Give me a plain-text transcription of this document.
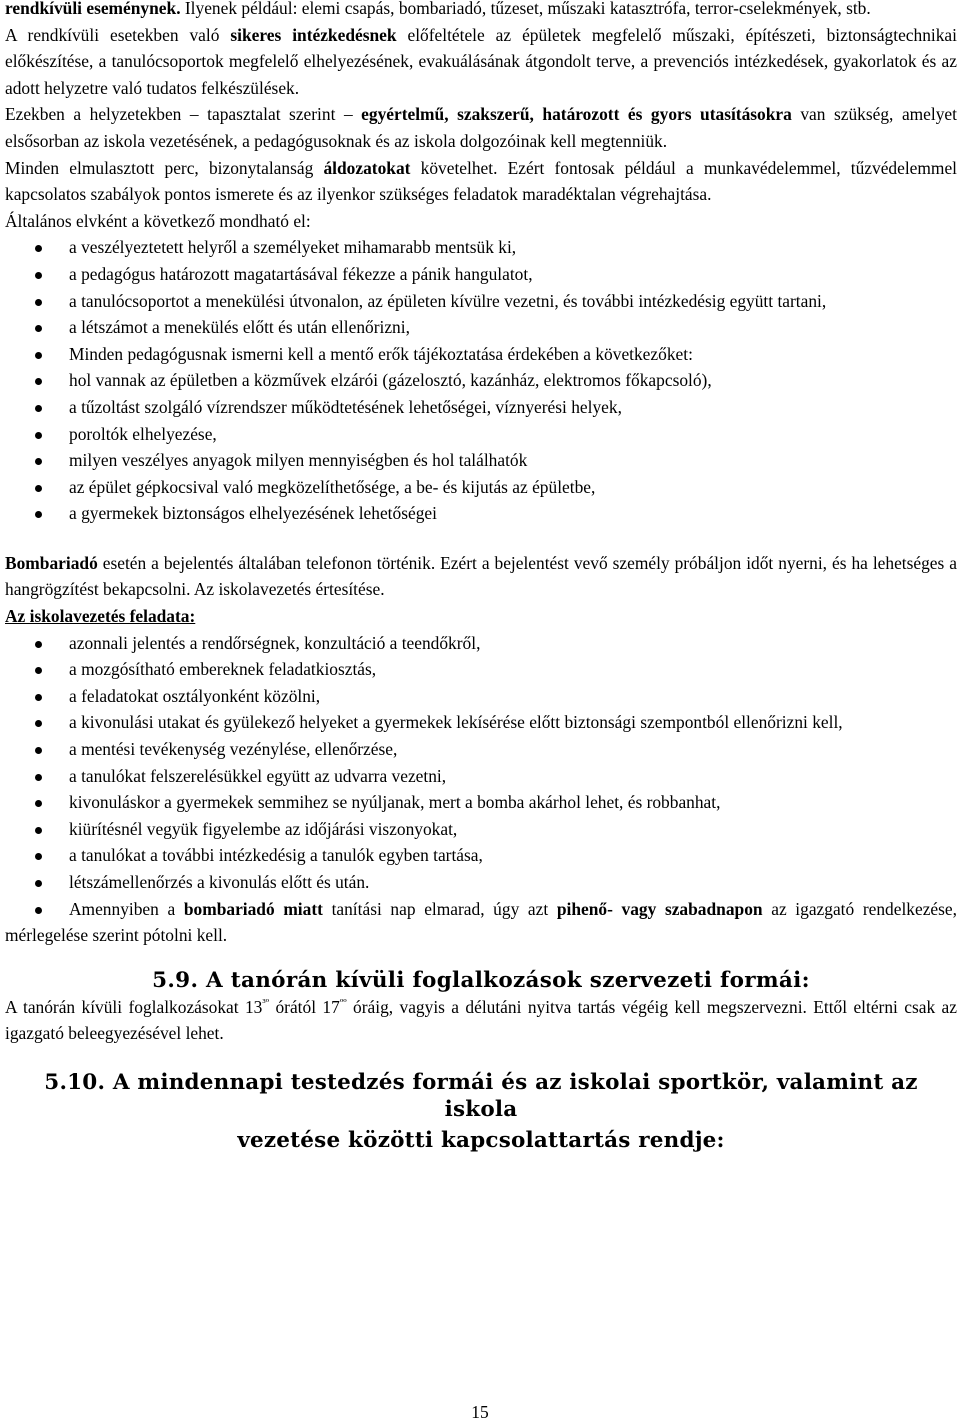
rendkívüli eseménynek. Ilyenek például: elemi csapás, bombariadó, tűzeset, műszaki katasztrófa, terror-cselekmények, stb.

A rendkívüli esetekben való sikeres intézkedésnek előfeltétele az épületek megfelelő műszaki, építészeti, biztonságtechnikai előkészítése, a tanulócsoportok megfelelő elhelyezésének, evakuálásának átgondolt terve, a prevenciós intézkedések, gyakorlatok és az adott helyzetre való tudatos felkészülések.

Ezekben a helyzetekben – tapasztalat szerint – egyértelmű, szakszerű, határozott és gyors utasításokra van szükség, amelyet elsősorban az iskola vezetésének, a pedagógusoknak és az iskola dolgozóinak kell megtenniük.

Minden elmulasztott perc, bizonytalanság áldozatokat követelhet. Ezért fontosak például a munkavédelemmel, tűzvédelemmel kapcsolatos szabályok pontos ismerete és az ilyenkor szükséges feladatok maradéktalan végrehajtása.

Általános elvként a következő mondható el:

a veszélyeztetett helyről a személyeket mihamarabb mentsük ki,
a pedagógus határozott magatartásával fékezze a pánik hangulatot,
a tanulócsoportot a menekülési útvonalon, az épületen kívülre vezetni, és további intézkedésig együtt tartani,
a létszámot a menekülés előtt és után ellenőrizni,
Minden pedagógusnak ismerni kell a mentő erők tájékoztatása érdekében a következőket:
hol vannak az épületben a közművek elzárói (gázelosztó, kazánház, elektromos főkapcsoló),
a tűzoltást szolgáló vízrendszer működtetésének lehetőségei, víznyerési helyek,
poroltók elhelyezése,
milyen veszélyes anyagok milyen mennyiségben és hol találhatók
az épület gépkocsival való megközelíthetősége, a be- és kijutás az épületbe,
a gyermekek biztonságos elhelyezésének lehetőségei

Bombariadó esetén a bejelentés általában telefonon történik. Ezért a bejelentést vevő személy próbáljon időt nyerni, és ha lehetséges a hangrögzítést bekapcsolni. Az iskolavezetés értesítése.

Az iskolavezetés feladata:

azonnali jelentés a rendőrségnek, konzultáció a teendőkről,
a mozgósítható embereknek feladatkiosztás,
a feladatokat osztályonként közölni,
a kivonulási utakat és gyülekező helyeket a gyermekek lekísérése előtt biztonsági szempontból ellenőrizni kell,
a mentési tevékenység vezénylése, ellenőrzése,
a tanulókat felszerelésükkel együtt az udvarra vezetni,
kivonuláskor a gyermekek semmihez se nyúljanak, mert a bomba akárhol lehet, és robbanhat,
kiürítésnél vegyük figyelembe az időjárási viszonyokat,
a tanulókat a további intézkedésig a tanulók egyben tartása,
létszámellenőrzés a kivonulás előtt és után.
Amennyiben a bombariadó miatt tanítási nap elmarad, úgy azt pihenő- vagy szabadnapon az igazgató rendelkezése, mérlegelése szerint pótolni kell.
5.9. A tanórán kívüli foglalkozások szervezeti formái:

A tanórán kívüli foglalkozásokat $13^{^3º}$ órától $17^{ºº}$ óráig, vagyis a délutáni nyitva tartás végéig kell megszervezni. Ettől eltérni csak az igazgató beleegyezésével lehet.

5.10. A mindennapi testedzés formái és az iskolai sportkör, valamint az iskola
vezetése közötti kapcsolattartás rendje:
15
